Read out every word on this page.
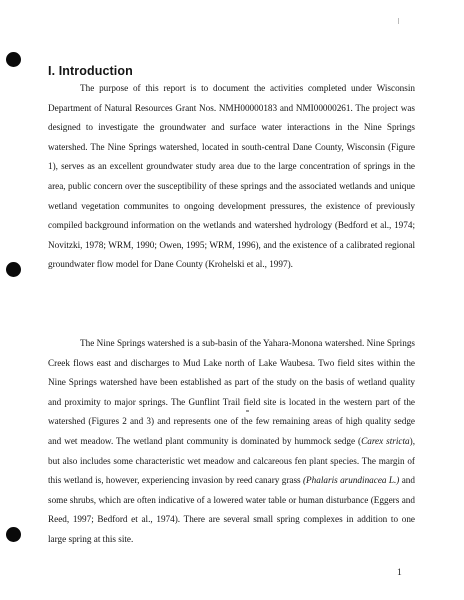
I. Introduction

The purpose of this report is to document the activities completed under Wisconsin Department of Natural Resources Grant Nos. NMH00000183 and NMI00000261. The project was designed to investigate the groundwater and surface water interactions in the Nine Springs watershed. The Nine Springs watershed, located in south-central Dane County, Wisconsin (Figure 1), serves as an excellent groundwater study area due to the large concentration of springs in the area, public concern over the susceptibility of these springs and the associated wetlands and unique wetland vegetation communites to ongoing development pressures, the existence of previously compiled background information on the wetlands and watershed hydrology (Bedford et al., 1974; Novitzki, 1978; WRM, 1990; Owen, 1995; WRM, 1996), and the existence of a calibrated regional groundwater flow model for Dane County (Krohelski et al., 1997).

The Nine Springs watershed is a sub-basin of the Yahara-Monona watershed. Nine Springs Creek flows east and discharges to Mud Lake north of Lake Waubesa. Two field sites within the Nine Springs watershed have been established as part of the study on the basis of wetland quality and proximity to major springs. The Gunflint Trail field site is located in the western part of the watershed (Figures 2 and 3) and represents one of the few remaining areas of high quality sedge and wet meadow. The wetland plant community is dominated by hummock sedge (Carex stricta), but also includes some characteristic wet meadow and calcareous fen plant species. The margin of this wetland is, however, experiencing invasion by reed canary grass (Phalaris arundinacea L.) and some shrubs, which are often indicative of a lowered water table or human disturbance (Eggers and Reed, 1997; Bedford et al., 1974). There are several small spring complexes in addition to one large spring at this site.

1
